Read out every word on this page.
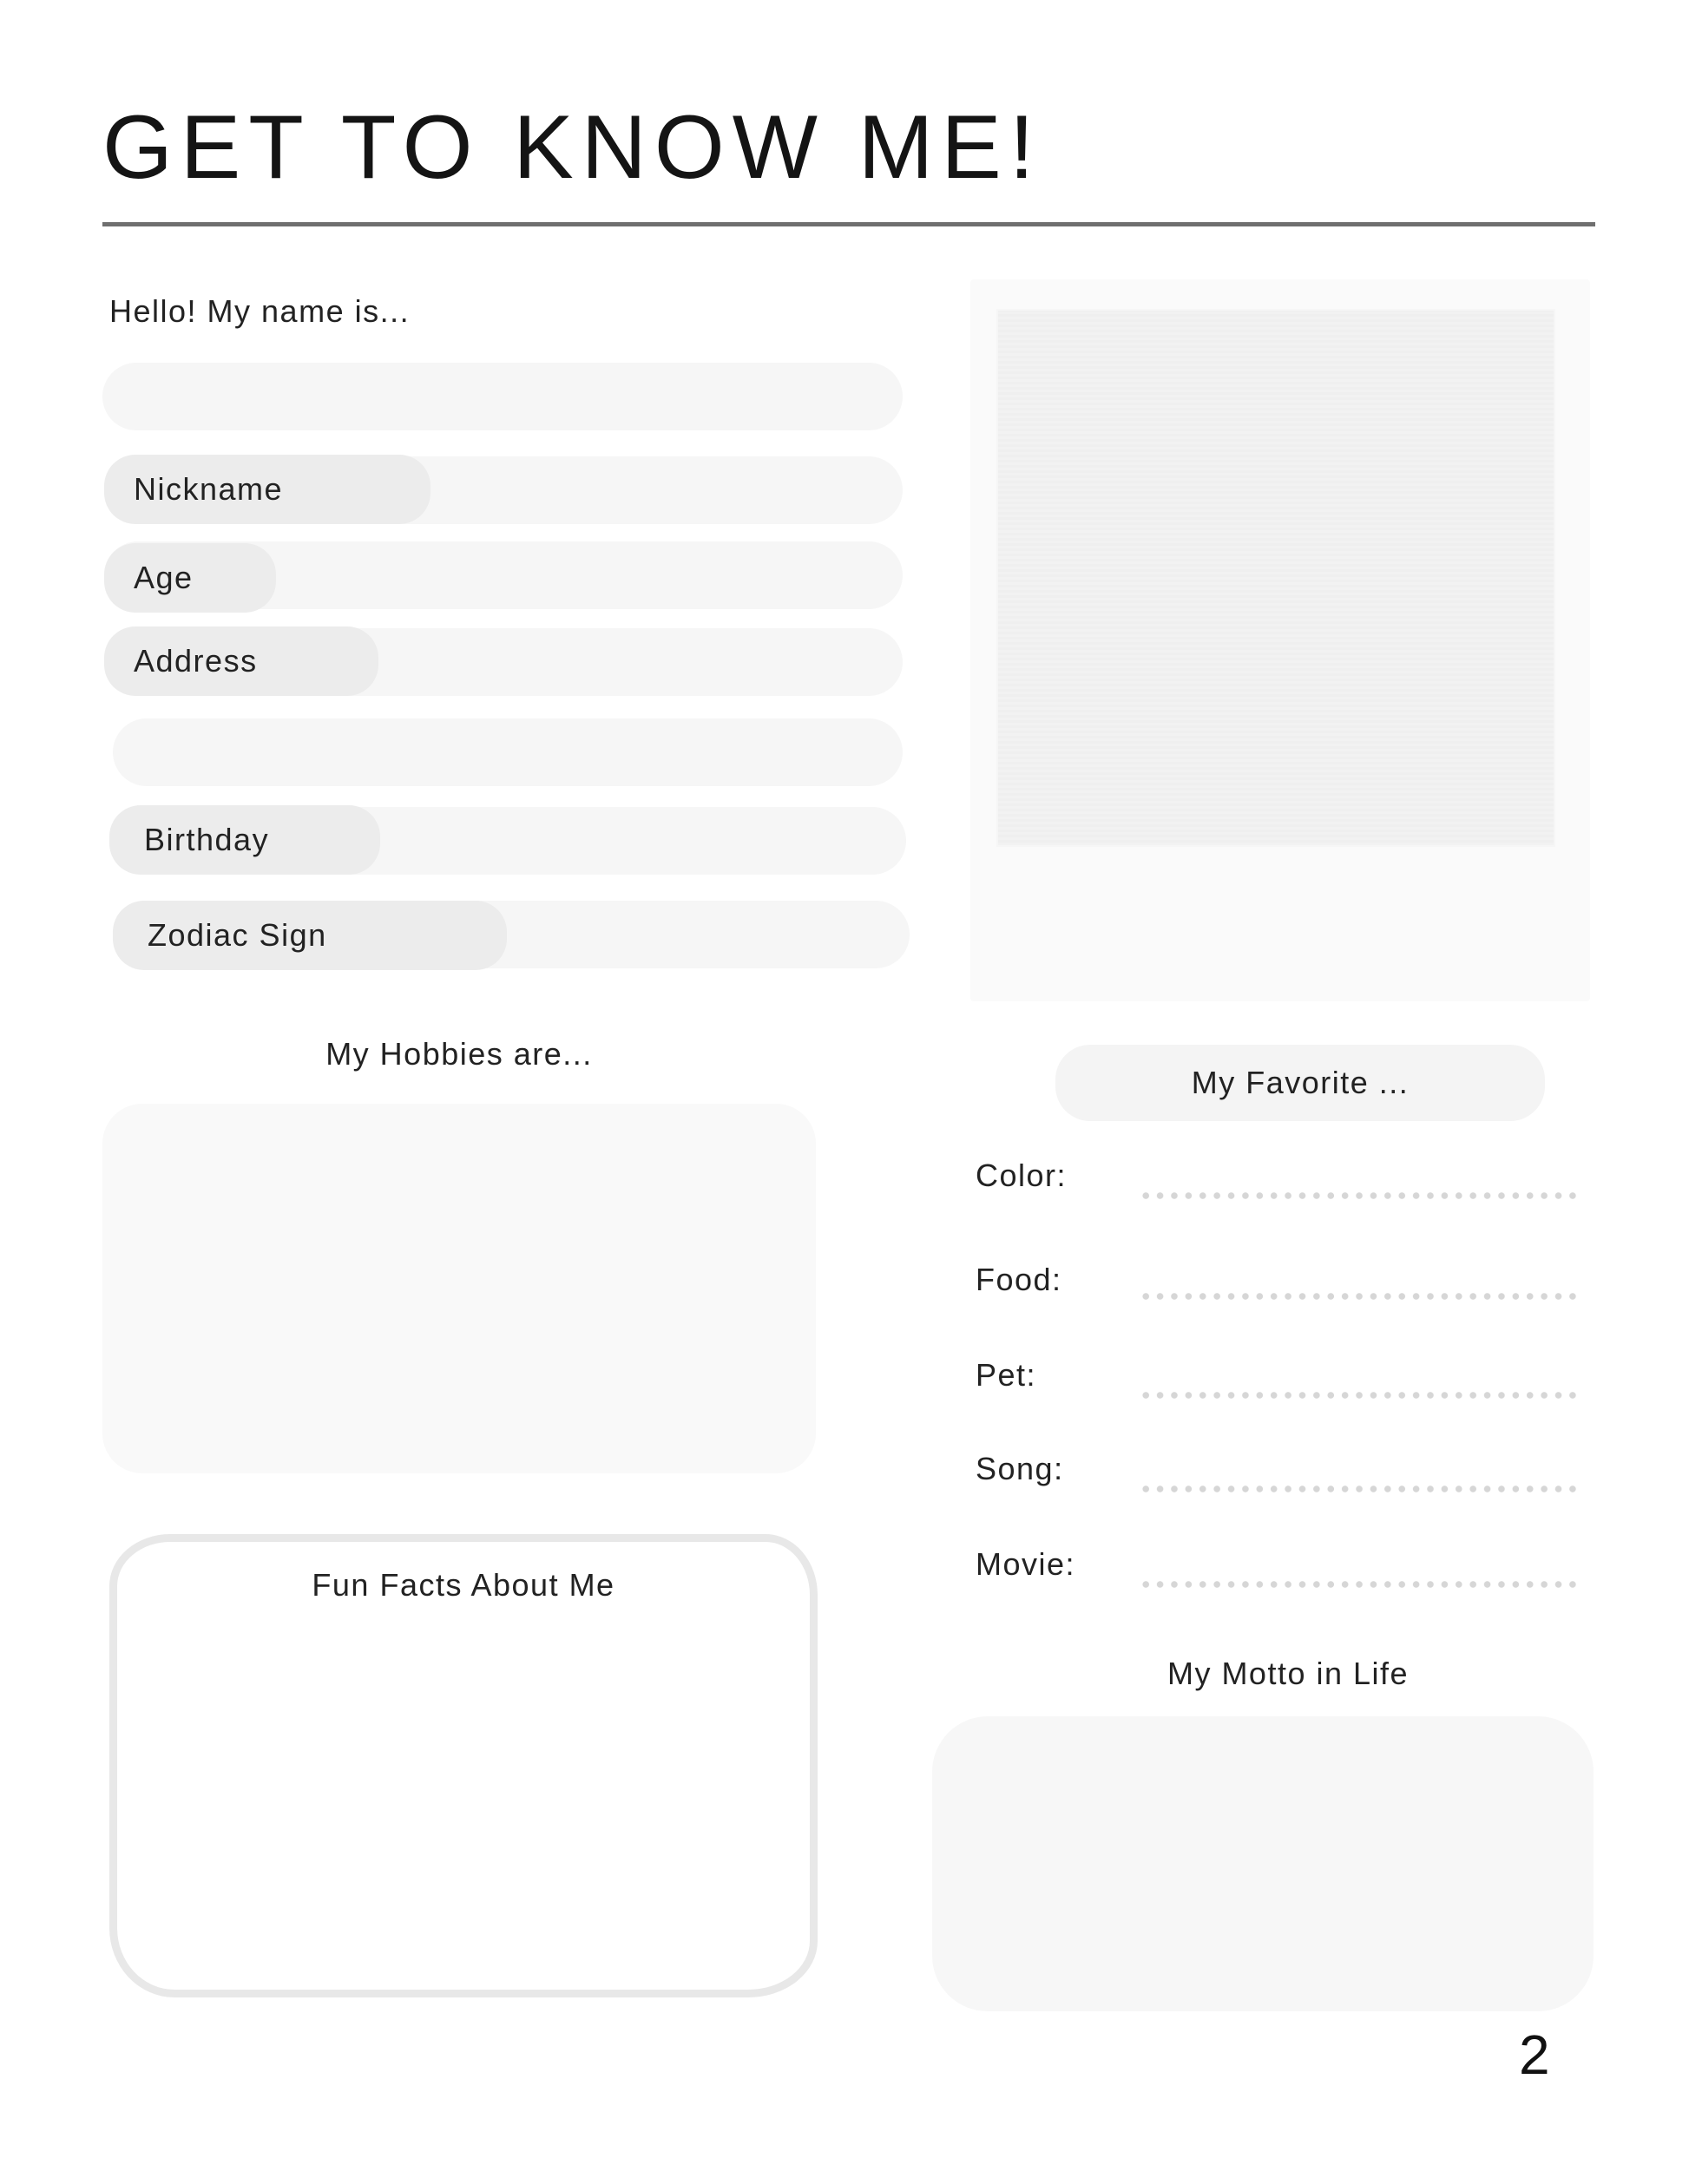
GET TO KNOW ME!
Hello! My name is...
Nickname
Age
Address
Birthday
Zodiac Sign
My Hobbies are...
My Favorite ...
Color:
Food:
Pet:
Song:
Movie:
Fun Facts About Me
My Motto in Life
2
